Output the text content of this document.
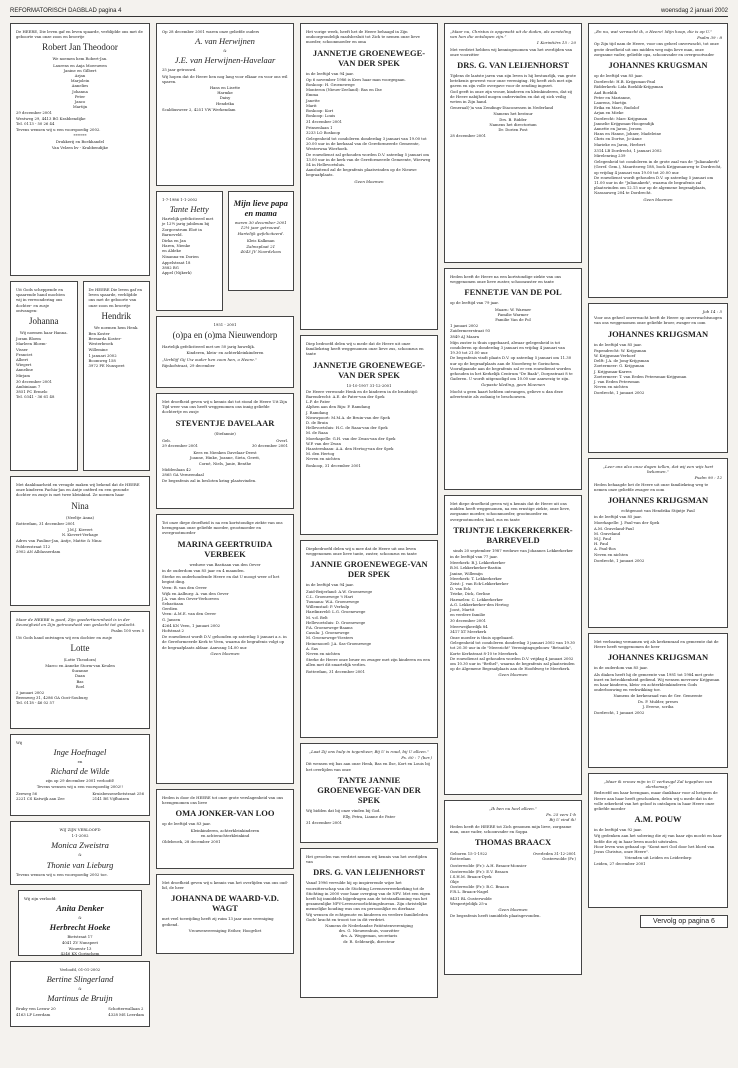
REFORMATORISCH DAGBLAD pagina 4	woensdag 2 januari 2002

De HEERE, Die leven gaf en leven spaarde, verblijdde ons met de geboorte van onze zoon en broertje

Robert Jan Theodoor

We noemen hem Robert-Jan.

Laurens en Anja Moeeuwen
Janine en Gilbert
Arjan
Marjolein
Annelies
Johanna
Peter
Janco
Martijn

29 december 2001
Westweg 29, 4413 BG Krabbendijke
Tel. 0113 - 50 26 44

Tevens wensen wij u een voorspoedig 2002.

*******

Drukkerij en Boekhandel
Van Velzen bv - Krabbendijke

Uit Gods scheppende en spaarende hand mochten wij in verwondering ons dochter- en zusje ontvangen:

Johanna

Wij noemen haar Hanna.

Joram Bloem
Marleen Bloem-
Visser
Franciet
Albert
Wiegert
Anneline
Mirjam

30 december 2001
Ambiniaan 7
3851 PC Ermelo
Tel. 0341 - 36 61 48

De HEERE Die leven gaf en leven spaarde, verblijdde ons met de geboorte van onze zoon en broertje

Hendrik

We noemen hem Henk.

Ben Koster
Bernarda Koster-
Westerbroek
Willemine

1 januari 2002
Boomweg 158
3972 PE Nunspeet

Met dankbaarheid en vreugde maken wij bekend dat de HEERE onze kinderen Pachia-Jan en Antje ontferd en een gezonde dochter en zusje is met twee kleinkind. Ze noemen haar

Nina

(Neeltje Anna)

Rotterdam, 31 december 2001

J.M.J. Kievert
N. Kievert-Verhage

Adres van Pauline-Jan, Antje, Mattie & Nina:
Poldersstraat 112
2902 AN Alblasserdam

Maar de HEERE is goed, Zijn goedertierenheid is in der Eeuwigheid en Zijn getrouwheid van geslacht tot geslacht.

Psalm 100 vers 5

Uit Gods hand ontvingen wij een dochter en zusje

Lotte

(Lotte Theodora)

Marco en Anneke Storm-van Keulen
Suzanne
Daan
Bas
Roel

2 januari 2002
Beemweg 31, 4286 GA Oost-Souburg
Tel. 0118 - 46 02 57

Wij

Inge Hoefnagel

en

Richard de Wilde

zijn op 29 december 2001 verloofd!
Tevens wensen wij u een voorspoedig 2002!!

Zeeweg 56
2221 CS Katwijk aan Zee

Kruisbessenvlietstraat 256
2141 BS Vijfhuizen

WIJ ZIJN VERLOOFD

1-1-2002

Monica Zweistra

&

Thonie van Lieburg

Tevens wensen wij u een voorspoedig 2002 toe.

Wij zijn verloofd:

Anita Denker

&

Herbrecht Hoeke

Bietstraat 17
4041 ZV Nunspeet

Wouwstr 13
4246 KX Gorinchem

Verloofd, 01-01-2002

Bertine Slingerland

&

Martinus de Bruijn

Bruby ven Leeuw 20
4163 LP Leerdam

Schotterwallaan 2
4328 MS Leerdam

Op 28 december 2001 waren onze geliefde ouders

A. van Herwijnen

&

J.E. van Herwijnen-Havelaar

25 jaar getrouwd.

Wij hopen dat de Heere hen nog lang voor elkaar en voor ons wil sparen.

Hans en Lisette
Harmke
Daisy
Hendrika

Scaldiusweer 2, 4251 VW Werkendam

1-7-1986 1-1-2002

Tante Hetty

Hartelijk gefeliciteerd met je 12½ jarig jubileum bij Zorgcentrum Eloë in Barneveld.

Dirka en Jan
Haren, Nienke
en Aldeke
Ninanna-en Dorien

Appelstraat 18
3882 BG
Appel (Nijkerk)

Mijn lieve papa en mama

waren 30 december 2001 12½ jaar getrouwd.

Hartelijk gefeliciteerd.

Kleis Kalkman

Zalmsplaat 21
4043 JV Noordeloos

1951 - 2001

(o)pa en (o)ma Nieuwendorp

Hartelijk gefeliciteerd met uw 50 jarig huwelijk.

Kinderen, klein- en achterkleinkinderen

„Verblijf Gij Uw ouder hen zoon hen, o Heere.”

Rijnhofstraat, 29 december

Met droefheid geven wij u kennis dat tot stond de Heere Uit Zijn Tijd weer van ons heeft weggenomen ons innig geliefde dochtertje en zusje

STEVENTJE DAVELAAR

(Stefannie)

Geb.
29 december 2001

Overl.
30 december 2001

Kees en Nienken Davelaar-Deest
Joanne, Hinke, Joanne, Sieta, Gerrit,
Corné, Niels, Janie, Benthe

Middenlaan 42
2865 GA Verneendaal

De begrafenis zal in besloten kring plaatsvinden.

Tot onze diepe droefheid is na een kortstondige ziekte van ons heengegaan onze geliefde moeder, grootmoeder en overgrootmoeder

MARINA GEERTRUIDA VERBEEK

weduwe van Bastiaan van den Oever

in de ouderdom van 85 jaar en 4 maanden.

Sterke en onderhoudende Heere en dat U moogt weer of het begint ding.

Veen: B. van den Oever
Wijk en Aalburg: A. van den Oever
J.A. van den Oever-Verhoeven
Sebastiaan
Gerdien
Veen: A.M.E. van den Oever
G. Jansen

4264 KN Veen, 1 januari 2002
Hofstraat 2

De rouwdienst wordt D.V. gehouden op zaterdag 5 januari a.s. in de Gereformeerde Kerk te Veen, waarna de begrafenis volgt op de begraafplaats aldaar. Aanvang 14.00 uur.

Geen bloemen

Heden is door de HEERE tot onze grote verslagenheid van ons heengenomen ons lieve

OMA JONKER-VAN LOO

op de leeftijd van 83 jaar.

Kleinkinderen, achterkleinkinderen
en achterachterkleinkind

Oldebroek, 28 december 2001

Met droefheid geven wij u kennis van het overlijden van ons oud-lid, de heer

JOHANNA DE WAARD-V.D. WAGT

met veel toewijding heeft zij ruim 13 jaar onze vereniging gediend.

Vrouwenvereniging Esther, Hoogvliet

Het vorige week, heeft het de Heere behaagd in Zijn ondoorgrondelijk raadsbesluit tot Zich te nemen onze lieve moeder, schoonmoeder en oma

JANNETJE GROENEWEGE-VAN DER SPEK

in de leeftijd van 94 jaar.

Op 6 november 1986 is Kees haar man voorgegaan.
Boskoop: H. Groenewege
Monteron (Nieuw-Zeeland): Bas en Ilse
Emma
Janette
Marit
Boskoop: Kort
Boskoop: Louis

31 december 2001
Prinsenlaan 1
3233 LO Boskoop

Gelegenheid tot condoleren donderdag 3 januari van 19.00 tot 20.00 uur in de kerkzaal van de Gereformeerde Gemeente, Westerwaa Wierhoek.
De rouwdienst zal gehouden worden D.V. zaterdag 5 januari om 13.00 uur in de kerk van de Gereformeerde Gemeente, Wierweg 54 in Hellevoetsluis.
Aansluitend zal de begrafenis plaatsvinden op de Nieuwe begraafplaats.

Geen bloemen

Diep bedroefd delen wij u mede dat de Heere uit onze familiekring heeft weggenomen onze lieve zus, schoonzus en tante

JANNETJE GROENEWEGE-VAN DER SPEK

15-10-1907 31-12-2001

De Heere verwonde Henk en de kinderen in de bruidstijd:
Barendrecht: A.E. de Pater-van der Spek
L.P. de Pater
Alphen aan den Rijn: P. Ramdang
J. Ramdang
Nieuwpoort: M.M.A. de Bruin-van der Spek
D. de Bruin
Hellevoetsluis: H.C. de Raaa-van der Spek
M. de Raaa
Moerkapelle: G.H. van der Zwan-van der Spek
W.P. van der Zwan
Haasternbaan: A.A. den Hertog-van der Spek
M. den Hertog
Neven en nichten

Boskoop, 31 december 2001

Diepbedroefd delen wij u mee dat de Heere uit ons leven weggenomen onze lieve tante, zuster, schoonzus en tante

JANNIE GROENEWEGE-VAN DER SPEK

in de leeftijd van 94 jaar.

Zuid-Beijerland: A.W. Groenewege
C.L. Groenewege 't Hart
Tuunana: W.A. Groenewege
Willemstad: P. Verhulp
Hardinxveld: L.G. Groenewege
M. v.d. Belt
Hellevoetsluis: D. Groenewege
P.A. Groenewege-Baams
Casula: J. Groenewege
M. Groenewege-Viesters
Heinenoord: J.A. Sas-Groenewege
A. Sas
Neven en nichten

Sterke de Heere onze bruer en zwager met zijn kinderen en een allen met dit smartelijk verlies.

Rotterdam, 31 december 2001

„Laat Zij ons hulp in tegenheer, Bij U is roud, bij U alleen.”

Ps. 60 : 7 (ber.)

Dit wensen wij bas aan onze Henk, Bas en Ilse, Kort en Louis bij het overlijden van onze

TANTE JANNIE GROENEWEGE-VAN DER SPEK

Wij bidden dat bij onze vinden bij God.

Elly, Petra, Lianne de Pater

31 december 2001

Het gevoelen van verdriet nemen wij kennis van het overlijden van

DRS. G. VAN LEIJENHORST

Vanaf 1996 vervulde hij op inspirerende wijze het voorzitterschap van de Stichting Levensverwerkerking tot de Stichting in 2000 voor haar overging van de NPV. Met een eigen heeft hij inmiddels bijgedragen aan de totstandkoming van het gezamenlijke NPV-Levensvoorlichtingsbureau. Zijn christelijke menselijke houding was ons en persoonlijke en dierbaar.
Wij wensen de echtgenote en kinderen en verdere familieleden Gods' kracht en troost toe in dit verdriet.

Namens de Nederlandse Patiëntenvereniging
drs. G. Nieuwenhuis, voorzitter
drs. A. Weggeman, secretaris
dr. R. Seldenrijk, directeur

„Maar nu, Christus is opgewekt uit de doden, als eersteling van hen die ontslapen zijn.”

1 Korintiërs 15 : 20

Met verdriet hebben wij kennisgenomen van het overlijden van onze voorzitter

DRS. G. VAN LEIJENHORST

Tijdens de laatste jaren van zijn leven is hij bestuurlijk, van grote betekenis geweest voor onze vereniging. Hij heeft zich met zijn gaven en zijn volle overgave voor de zending ingezet.
God geeft in onze zijn vrouw, kinderen en kleinkinderen, dat zij de Heere nabijheid mogen ondervinden en dat zij zich veilig weten in Zijn hand.

Generaal(-)a van Zendings-Diaconessen in Nederland

Namens het bestuur
Drs. B. Ridder
Namens het directorium
Dr. Dorien Post

28 december 2001

Heden heeft de Heere na een kortstondige ziekte van ons weggenomen onze lieve zuster, schoonzuster en tante

FENNETJE VAN DE POL

op de leeftijd van 79 jaar.

Maarn: W. Warmer
Familie Warmer
Familie Van de Pol

1 januari 2002
Zuidermeerstraat 93
3849 AJ Maarn

Mijn zuster is thuis opgebaard, alwaar gelegenheid is tot condoleren op donderdag 3 januari en vrijdag 4 januari van 19.30 tot 21.00 uur.
De begrafenis vindt plaats D.V. op zaterdag 5 januari om 11.30 uur op de begraafplaats aan de Noordweg te Gorinchem.
Voorafgaande aan de begrafenis zal er een rouwdienst worden gehouden in het Kerkelijk Centrum "De Baak", Dorpsstraat 8 te Gaderen. U wordt uitgenodigd om 10.00 uur aanwezig te zijn.

Gepaste kleding, geen bloemen

Mocht u geen kaart hebben ontvangen, gelieve u dan deze advertentie als zodanig te beschouwen.

Met diepe droefheid geven wij u kennis dat de Heere uit ons midden heeft weggenomen, na een ernstige ziekte, onze lieve, zorgzame moeder, schoonmoeder, grootmoeder en overgrootmoeder, kind, zus en tante

TRIJNTJE LEKKERKERKER-BARREVELD

sinds 20 september 1987 weduwe van Johannes Lekkerkerker

in de leeftijd van 77 jaar.

Meerkerk: B.J. Lekkerkerker
B.M. Lekkerkerker-Bastiin
Janine, Willemijn
Meerkerk: T. Lekkerkerker
Zeist: J. van Eck-Lekkerkerker
D. van Eck
Trieke, Dick, Gerline
Harmelen: C. Lekkerkerker
A.G. Lekkerkerker-den Hertog
Joost, Martit
en verdere familie

30 december 2001
Meerweijkerdijk 84
3417 XT Meerkerk

Onze moeder is thuis opgebaard.
Gelegenheid tot condoleren donderdag 3 januari 2002 van 19.30 tot 20.30 uur in de "Meerzicht" Verenigingsgebouw "Betsaïda", Korte Kerkstraat 8-10 te Meerkerk.
De rouwdienst zal gehouden worden D.V. vrijdag 4 januari 2002 om 10.30 uur in "Bethel", waarna de begrafenis zal plaatsvinden op de Algemene Begraafplaats aan de Hoofdweg te Meerkerk.

Geen bloemen

„Ik ben nu heel alleen.”

Ps. 25 vers 1-b
Bij U vind ik!

Heden heeft de HEERE tot Zich genomen mijn lieve, zorgzame man, onze vader, schoonvader en Soppa

THOMAS BRAACX

Geboren 15-1-1922
Rotterdam

Overleden 31-12-2001
Oosterwolde (Fr.)

Oosterwolde (Fr.): A.H. Braacx-Monsier
Oosterwolde (Fr.): E.V. Braacx
I.S.H.M. Braacx-Dyek
Okje
Oosterwolde (Fr.): B.C. Braacx
F.R.L. Braacx-Nagel

8431 BL Oosterwolde
Wespertjeldijk 25-a

Geen bloemen

De begrafenis heeft inmiddels plaatsgevonden.

„En nu, wat verwacht ik, o Heere! Mijn hoop, die is op U.”

Psalm 39 : 8

Op Zijn tijd nam de Heere, voor ons geheel onverwacht, tot onze grote droefheid uit ons midden weg mijn lieve man, onze zorgzame vader, geliefde opa, schoonvader en overgrootvader

JOHANNES KRUGSMAN

op de leeftijd van 85 jaar.

Dordrecht: H.B. Krijgsman-Paul
Ridderkerk: Lida Boeklik-Krijgsman
Aad Boeklik
Peter en Marianne,
Laurens, Martijn
Erika en Marc, Rudolof
Arjan en Mieke
Dordrecht: Marc Krijgsman
Jannelie Krijgsman-Hoogendijk
Annette en Jaron, Jeroen
Hans en Hanne, Johner, Madeleine
Chris en Dortse, Jo-Anne
Marieke en Jaron, Herbert

3314 LB Dordrecht, 1 januari 2002
Mirelenring 239

Gelegenheid tot condoleren in de grote zaal van de "Julianakerk" (Geref. Gem.), Mauritsweg 188, bock Krijgsmanweg te Dordrecht, op vrijdag 4 januari van 19.00 tot 20.00 uur.
De rouwdienst wordt gehouden D.V. op zaterdag 5 januari om 11.00 uur in de "Julianakerk", waarna de begrafenis zal plaatsvinden om 12.15 uur op de algemene begraafplaats, Nassauweg 204 te Dordrecht.

Geen bloemen

Job 14 : 5

Voor ons geheel onverwacht heeft de Heere op onverwachtsnogen van ons weggenomen onze geliefde broer, zwager en oom

JOHANNES KRIJGSMAN

in de leeftijd van 85 jaar.

Papendrecht: W. Krijgsman
W. Krijgsman-Verhoef
Delft: J.A. de Jong-Krijgsman
Zoetermeer: G. Krijgsman
J. Krijgsman-Karres
Zoetermeer: T. van Eeden Petersman-Krijgsman
J. van Eeden Petersman
Neven en nichten

Dordrecht, 1 januari 2002

„Leer ons alzo onze dagen tellen, dat wij een wijs hart bekomen.”

Psalm 90 : 12

Heden behaagde het de Heere uit onze familiekring weg te nemen onze geliefde zwager en oom

JOHANNES KRIJGSMAN

echtgenoot van Hendrika Stijntje Paul

in de leeftijd van 85 jaar.

Moerkapelle: J. Paul-van der Spek
A.M. Graveland-Paul
M. Graveland
M.J. Paul
H. Paul
A. Paul-Bos
Neven en nichten

Dordrecht, 1 januari 2002

Met verbazing vernamen wij als kerkenraad en gemeente dat de Heere heeft weggenomen de heer

JOHANNES KRIJGSMAN

in de ouderdom van 85 jaar.

Als diaken heeft hij de gemeente van 1981 tot 1984 met grote inzet en betrokkenheid gediend. Wij wensen mevrouw Krijgsman en haar kinderen, klein- en achterkleinkinderen Gods onderbouwing en verkwikking toe.

Namens de kerkenraad van de Ger. Gemeente
Ds. P. Mulder, preses
J. Everse, scriba

Dordrecht, 1 januari 2002

„Maar ik vrouw mijn in U verheugd Zal tegaphen van olerkomag.”

Bedroefd om haar heengaan, maar dankbaar voor al hetgeen de Heere aan haar heeft geschonken, delen wij u mede dat in de volle zekerheid van het geloof is ontslapen in haar Heere onze geliefde moeder

A.M. POUW

in de leeftijd van 92 jaar.

Wij gedenken aan het sobering die zij van haar zijn mocht en haar liefde die zij in haar leven mocht uitstralen.
Hoor leven was gebaad op: "Komt met God door het bloed van Jezus Christus, onze Heere".

Vrienden uit Leiden en Leiderdorp

Leiden, 27 december 2001

Vervolg op pagina 6
